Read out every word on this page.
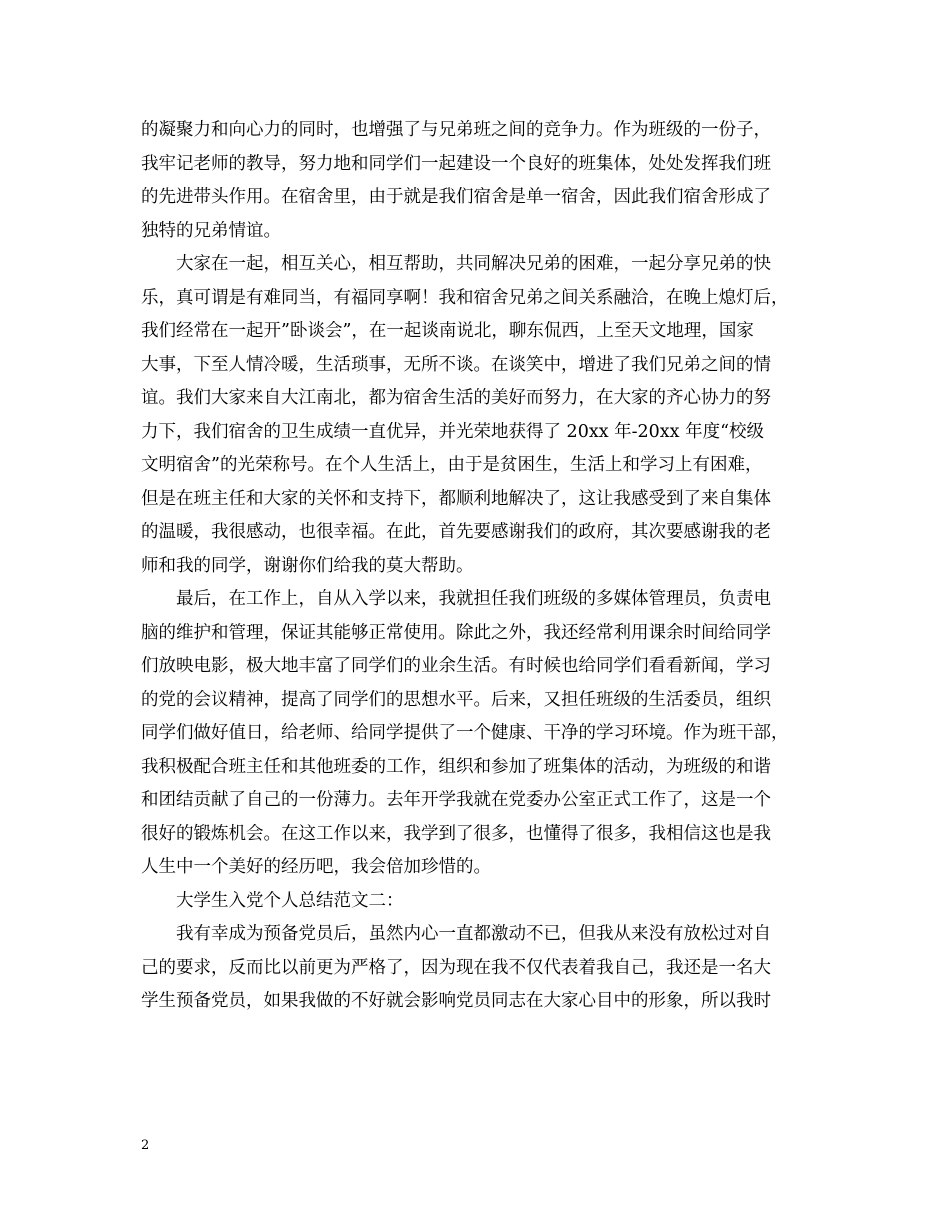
的凝聚力和向心力的同时，也增强了与兄弟班之间的竞争力。作为班级的一份子，
我牢记老师的教导，努力地和同学们一起建设一个良好的班集体，处处发挥我们班
的先进带头作用。在宿舍里，由于就是我们宿舍是单一宿舍，因此我们宿舍形成了
独特的兄弟情谊。
大家在一起，相互关心，相互帮助，共同解决兄弟的困难，一起分享兄弟的快
乐，真可谓是有难同当，有福同享啊！我和宿舍兄弟之间关系融洽，在晚上熄灯后，
我们经常在一起开”卧谈会”，在一起谈南说北，聊东侃西，上至天文地理，国家
大事，下至人情冷暖，生活琐事，无所不谈。在谈笑中，增进了我们兄弟之间的情
谊。我们大家来自大江南北，都为宿舍生活的美好而努力，在大家的齐心协力的努
力下，我们宿舍的卫生成绩一直优异，并光荣地获得了 20xx 年-20xx 年度“校级
文明宿舍”的光荣称号。在个人生活上，由于是贫困生，生活上和学习上有困难，
但是在班主任和大家的关怀和支持下，都顺利地解决了，这让我感受到了来自集体
的温暖，我很感动，也很幸福。在此，首先要感谢我们的政府，其次要感谢我的老
师和我的同学，谢谢你们给我的莫大帮助。
最后，在工作上，自从入学以来，我就担任我们班级的多媒体管理员，负责电
脑的维护和管理，保证其能够正常使用。除此之外，我还经常利用课余时间给同学
们放映电影，极大地丰富了同学们的业余生活。有时候也给同学们看看新闻，学习
的党的会议精神，提高了同学们的思想水平。后来，又担任班级的生活委员，组织
同学们做好值日，给老师、给同学提供了一个健康、干净的学习环境。作为班干部，
我积极配合班主任和其他班委的工作，组织和参加了班集体的活动，为班级的和谐
和团结贡献了自己的一份薄力。去年开学我就在党委办公室正式工作了，这是一个
很好的锻炼机会。在这工作以来，我学到了很多，也懂得了很多，我相信这也是我
人生中一个美好的经历吧，我会倍加珍惜的。
大学生入党个人总结范文二：
我有幸成为预备党员后，虽然内心一直都激动不已，但我从来没有放松过对自
己的要求，反而比以前更为严格了，因为现在我不仅代表着我自己，我还是一名大
学生预备党员，如果我做的不好就会影响党员同志在大家心目中的形象，所以我时
2
